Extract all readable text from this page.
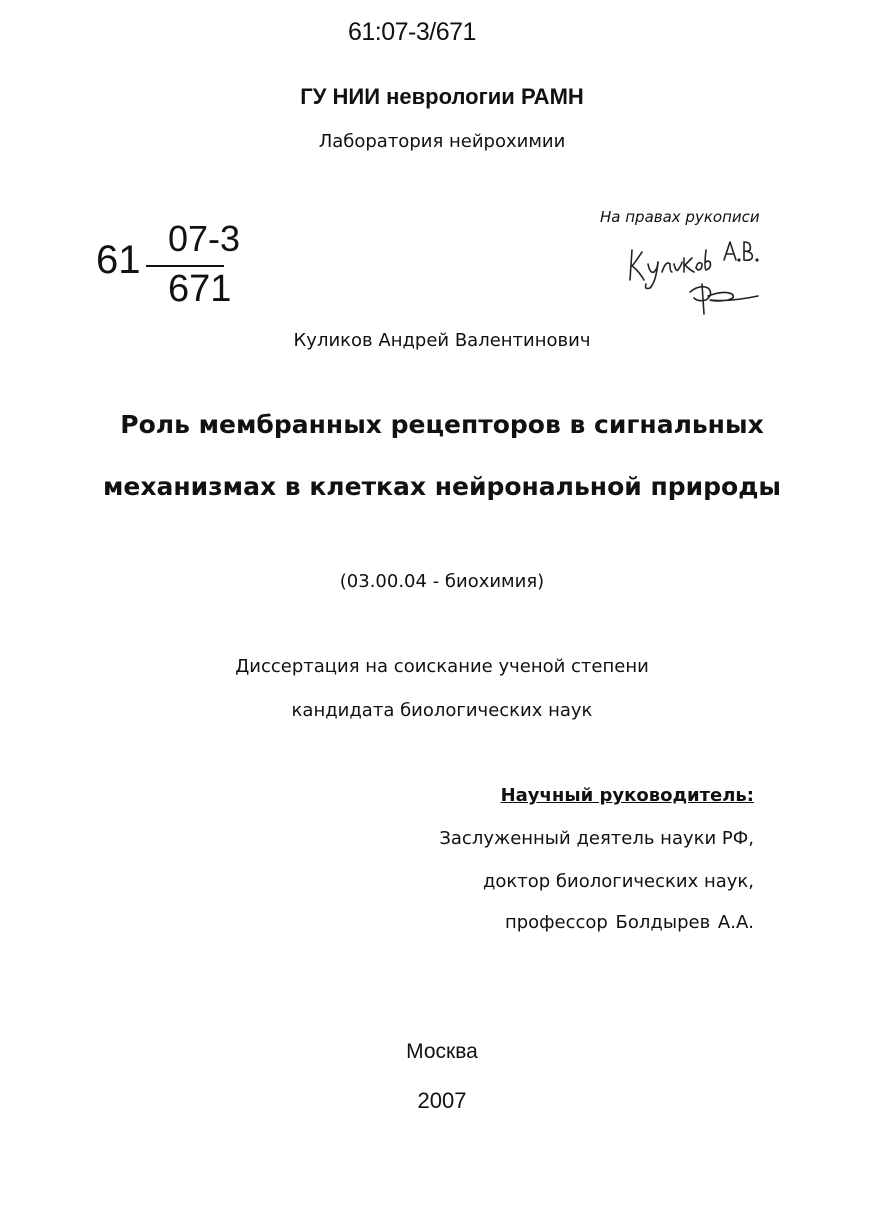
61:07-3/671
ГУ НИИ неврологии РАМН
Лаборатория нейрохимии
61 07-3
671
На правах рукописи
Куликов Андрей Валентинович
Роль мембранных рецепторов в сигнальных
механизмах в клетках нейрональной природы
(03.00.04 - биохимия)
Диссертация на соискание ученой степени
кандидата биологических наук
Научный руководитель:
Заслуженный деятель науки РФ,
доктор биологических наук,
профессор Болдырев А.А.
Москва
2007
